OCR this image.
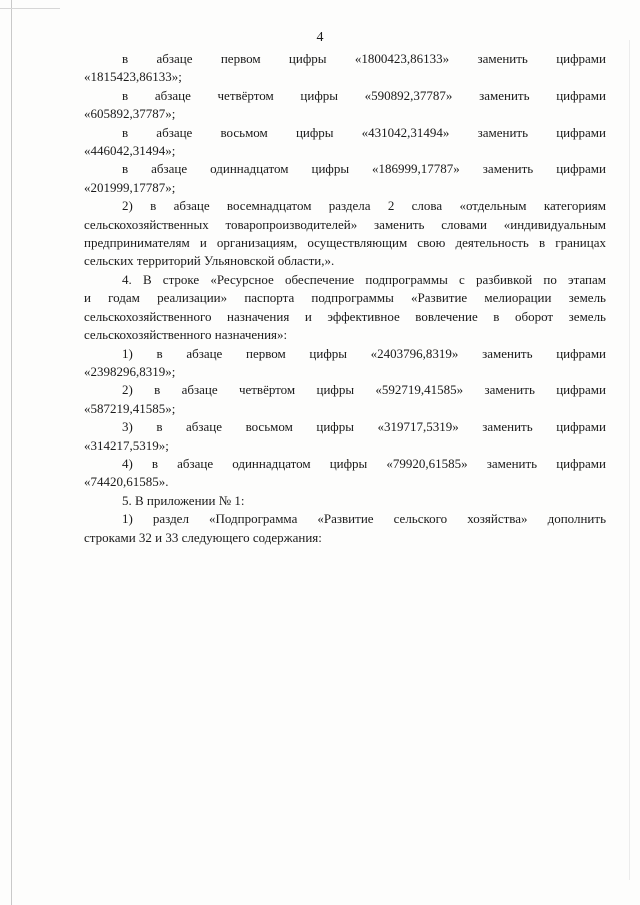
4

в абзаце первом цифры «1800423,86133» заменить цифрами

«1815423,86133»;

в абзаце четвёртом цифры «590892,37787» заменить цифрами

«605892,37787»;

в абзаце восьмом цифры «431042,31494» заменить цифрами

«446042,31494»;

в абзаце одиннадцатом цифры «186999,17787» заменить цифрами

«201999,17787»;

2) в абзаце восемнадцатом раздела 2 слова «отдельным категориям

сельскохозяйственных товаропроизводителей» заменить словами «индивидуальным предпринимателям и организациям, осуществляющим свою деятельность в границах сельских территорий Ульяновской области,».

4. В строке «Ресурсное обеспечение подпрограммы с разбивкой по этапам

и годам реализации» паспорта подпрограммы «Развитие мелиорации земель сельскохозяйственного назначения и эффективное вовлечение в оборот земель сельскохозяйственного назначения»:

1) в абзаце первом цифры «2403796,8319» заменить цифрами

«2398296,8319»;

2) в абзаце четвёртом цифры «592719,41585» заменить цифрами

«587219,41585»;

3) в абзаце восьмом цифры «319717,5319» заменить цифрами

«314217,5319»;

4) в абзаце одиннадцатом цифры «79920,61585» заменить цифрами

«74420,61585».

5. В приложении № 1:

1) раздел «Подпрограмма «Развитие сельского хозяйства» дополнить

строками 32 и 33 следующего содержания:
